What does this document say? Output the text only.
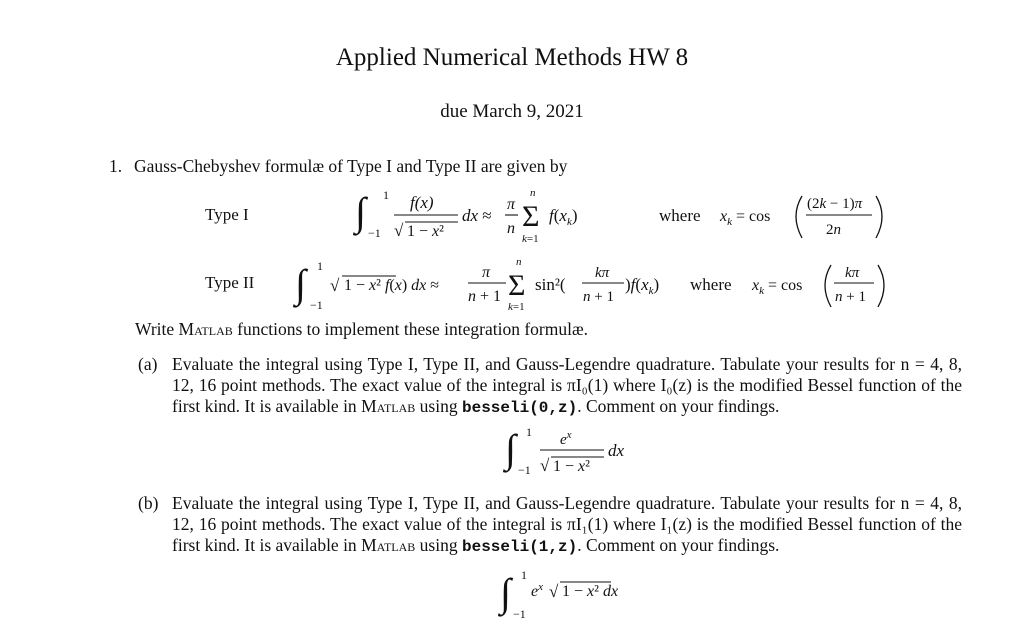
Applied Numerical Methods HW 8
due March 9, 2021
1. Gauss-Chebyshev formulæ of Type I and Type II are given by
Type I	∫ −1
1 f(x)
√ 1 − x²
dx ≈
π
n
n
Σ
k=1
$f(x_k)$	where $x_k = \cos$
(2k − 1)π
2n
Type II ∫ −1
1
√ 1 − x² f(x) dx ≈
π
n + 1
n
Σ
k=1
sin²(
kπ
n + 1
)$f(x_k)$ where $x_k = \cos$
kπ
n + 1
Write Matlab functions to implement these integration formulæ.
(a) Evaluate the integral using Type I, Type II, and Gauss-Legendre quadrature. Tabulate your results for n = 4, 8, 12, 16 point methods. The exact value of the integral is πI₀(1) where I₀(z) is the modified Bessel function of the first kind. It is available in Matlab using besseli(0,z). Comment on your findings.
∫ −1
1 $e^x$
√ 1 − x²
dx
(b) Evaluate the integral using Type I, Type II, and Gauss-Legendre quadrature. Tabulate your results for n = 4, 8, 12, 16 point methods. The exact value of the integral is πI₁(1) where I₁(z) is the modified Bessel function of the first kind. It is available in Matlab using besseli(1,z). Comment on your findings.
∫ −1
1
$e^x$ √ 1 − x² dx
